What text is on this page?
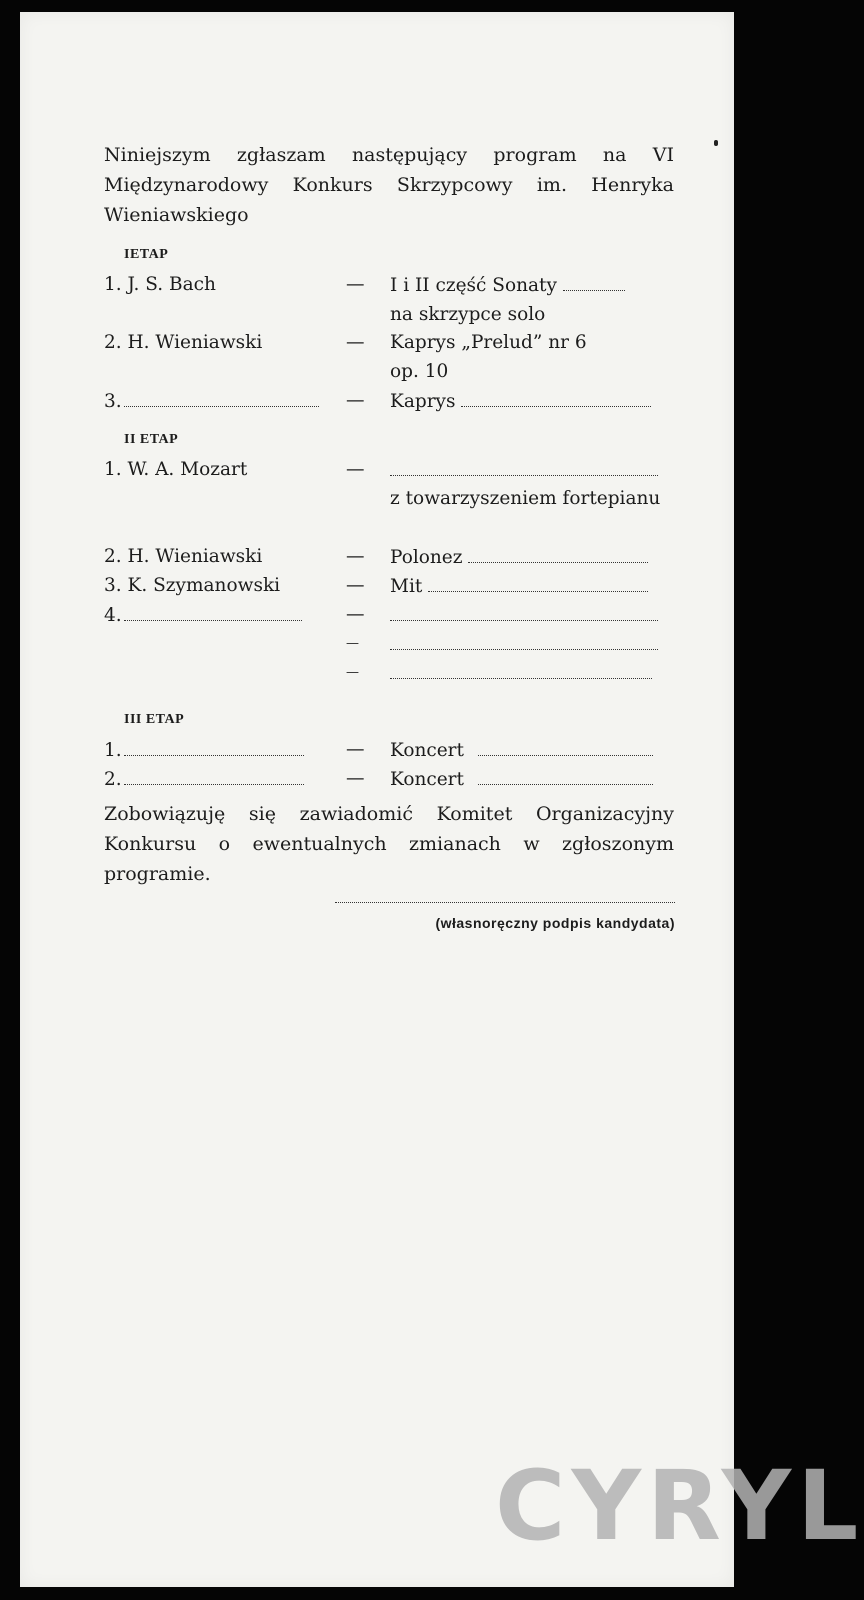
Niniejszym zgłaszam następujący program na VI Międzynarodowy Konkurs Skrzypcowy im. Henryka Wieniawskiego

IETAP
1. J. S. Bach	— I i II część Sonaty
na skrzypce solo
2. H. Wieniawski	— Kaprys „Prelud” nr 6
op. 10
3.	— Kaprys
II ETAP
1. W. A. Mozart	—
z towarzyszeniem fortepianu
2. H. Wieniawski	— Polonez
3. K. Szymanowski	— Mit
4.	—
—
—
III ETAP
1.	— Koncert
2.	— Koncert

Zobowiązuję się zawiadomić Komitet Organizacyjny Konkursu o ewentualnych zmianach w zgłoszonym programie.

(własnoręczny podpis kandydata)
CYRYL
